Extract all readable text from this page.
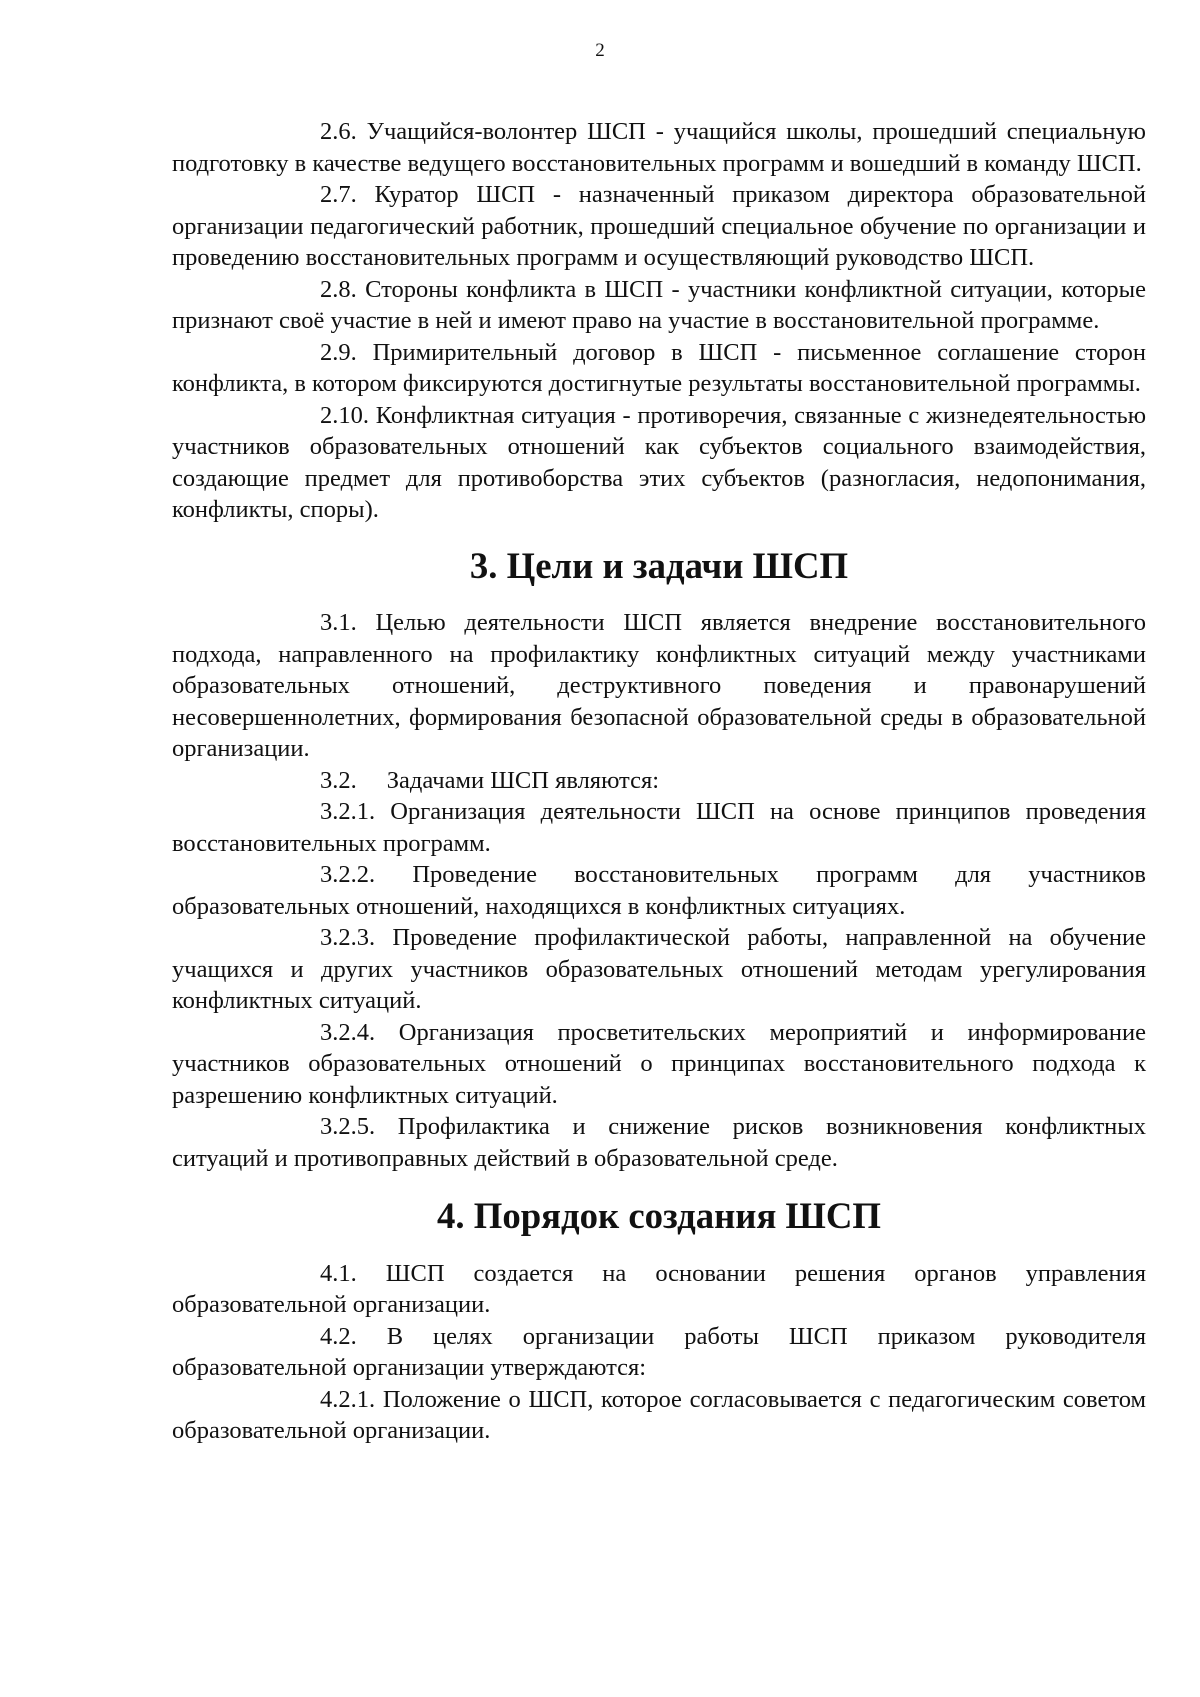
2

2.6. Учащийся-волонтер ШСП - учащийся школы, прошедший специальную подготовку в качестве ведущего восстановительных программ и вошедший в команду ШСП.

2.7. Куратор ШСП - назначенный приказом директора образовательной организации педагогический работник, прошедший специальное обучение по организации и проведению восстановительных программ и осуществляющий руководство ШСП.

2.8. Стороны конфликта в ШСП - участники конфликтной ситуации, которые признают своё участие в ней и имеют право на участие в восстановительной программе.

2.9. Примирительный договор в ШСП - письменное соглашение сторон конфликта, в котором фиксируются достигнутые результаты восстановительной программы.

2.10. Конфликтная ситуация - противоречия, связанные с жизнедеятельностью участников образовательных отношений как субъектов социального взаимодействия, создающие предмет для противоборства этих субъектов (разногласия, недопонимания, конфликты, споры).

3. Цели и задачи ШСП

3.1. Целью деятельности ШСП является внедрение восстановительного подхода, направленного на профилактику конфликтных ситуаций между участниками образовательных отношений, деструктивного поведения и правонарушений несовершеннолетних, формирования безопасной образовательной среды в образовательной организации.

3.2. Задачами ШСП являются:

3.2.1. Организация деятельности ШСП на основе принципов проведения восстановительных программ.

3.2.2. Проведение восстановительных программ для участников образовательных отношений, находящихся в конфликтных ситуациях.

3.2.3. Проведение профилактической работы, направленной на обучение учащихся и других участников образовательных отношений методам урегулирования конфликтных ситуаций.

3.2.4. Организация просветительских мероприятий и информирование участников образовательных отношений о принципах восстановительного подхода к разрешению конфликтных ситуаций.

3.2.5. Профилактика и снижение рисков возникновения конфликтных ситуаций и противоправных действий в образовательной среде.

4. Порядок создания ШСП

4.1. ШСП создается на основании решения органов управления образовательной организации.

4.2. В целях организации работы ШСП приказом руководителя образовательной организации утверждаются:

4.2.1. Положение о ШСП, которое согласовывается с педагогическим советом образовательной организации.
